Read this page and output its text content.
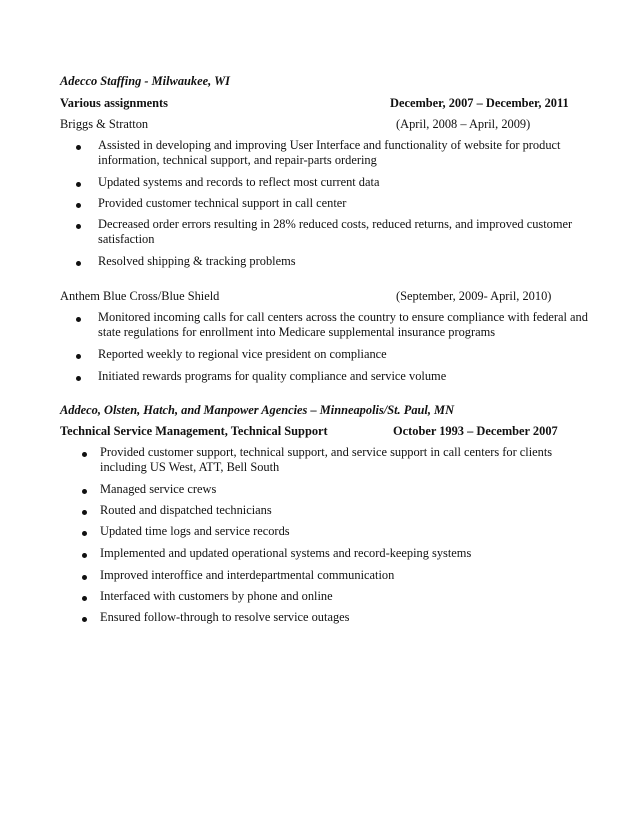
Adecco Staffing - Milwaukee, WI
Various assignments	December, 2007 – December, 2011
Briggs & Stratton	(April, 2008 – April, 2009)
Assisted in developing and improving User Interface and functionality of website for product information, technical support, and repair-parts ordering
Updated systems and records to reflect most current data
Provided customer technical support in call center
Decreased order errors resulting in 28% reduced costs, reduced returns, and improved customer satisfaction
Resolved shipping & tracking problems
Anthem Blue Cross/Blue Shield	(September, 2009- April, 2010)
Monitored incoming calls for call centers across the country to ensure compliance with federal and state regulations for enrollment into Medicare supplemental insurance programs
Reported weekly to regional vice president on compliance
Initiated rewards programs for quality compliance and service volume
Addeco, Olsten, Hatch, and Manpower Agencies – Minneapolis/St. Paul, MN
Technical Service Management, Technical Support	October 1993 – December 2007
Provided customer support, technical support, and service support in call centers for clients including US West, ATT, Bell South
Managed service crews
Routed and dispatched technicians
Updated time logs and service records
Implemented and updated operational systems and record-keeping systems
Improved interoffice and interdepartmental communication
Interfaced with customers by phone and online
Ensured follow-through to resolve service outages
